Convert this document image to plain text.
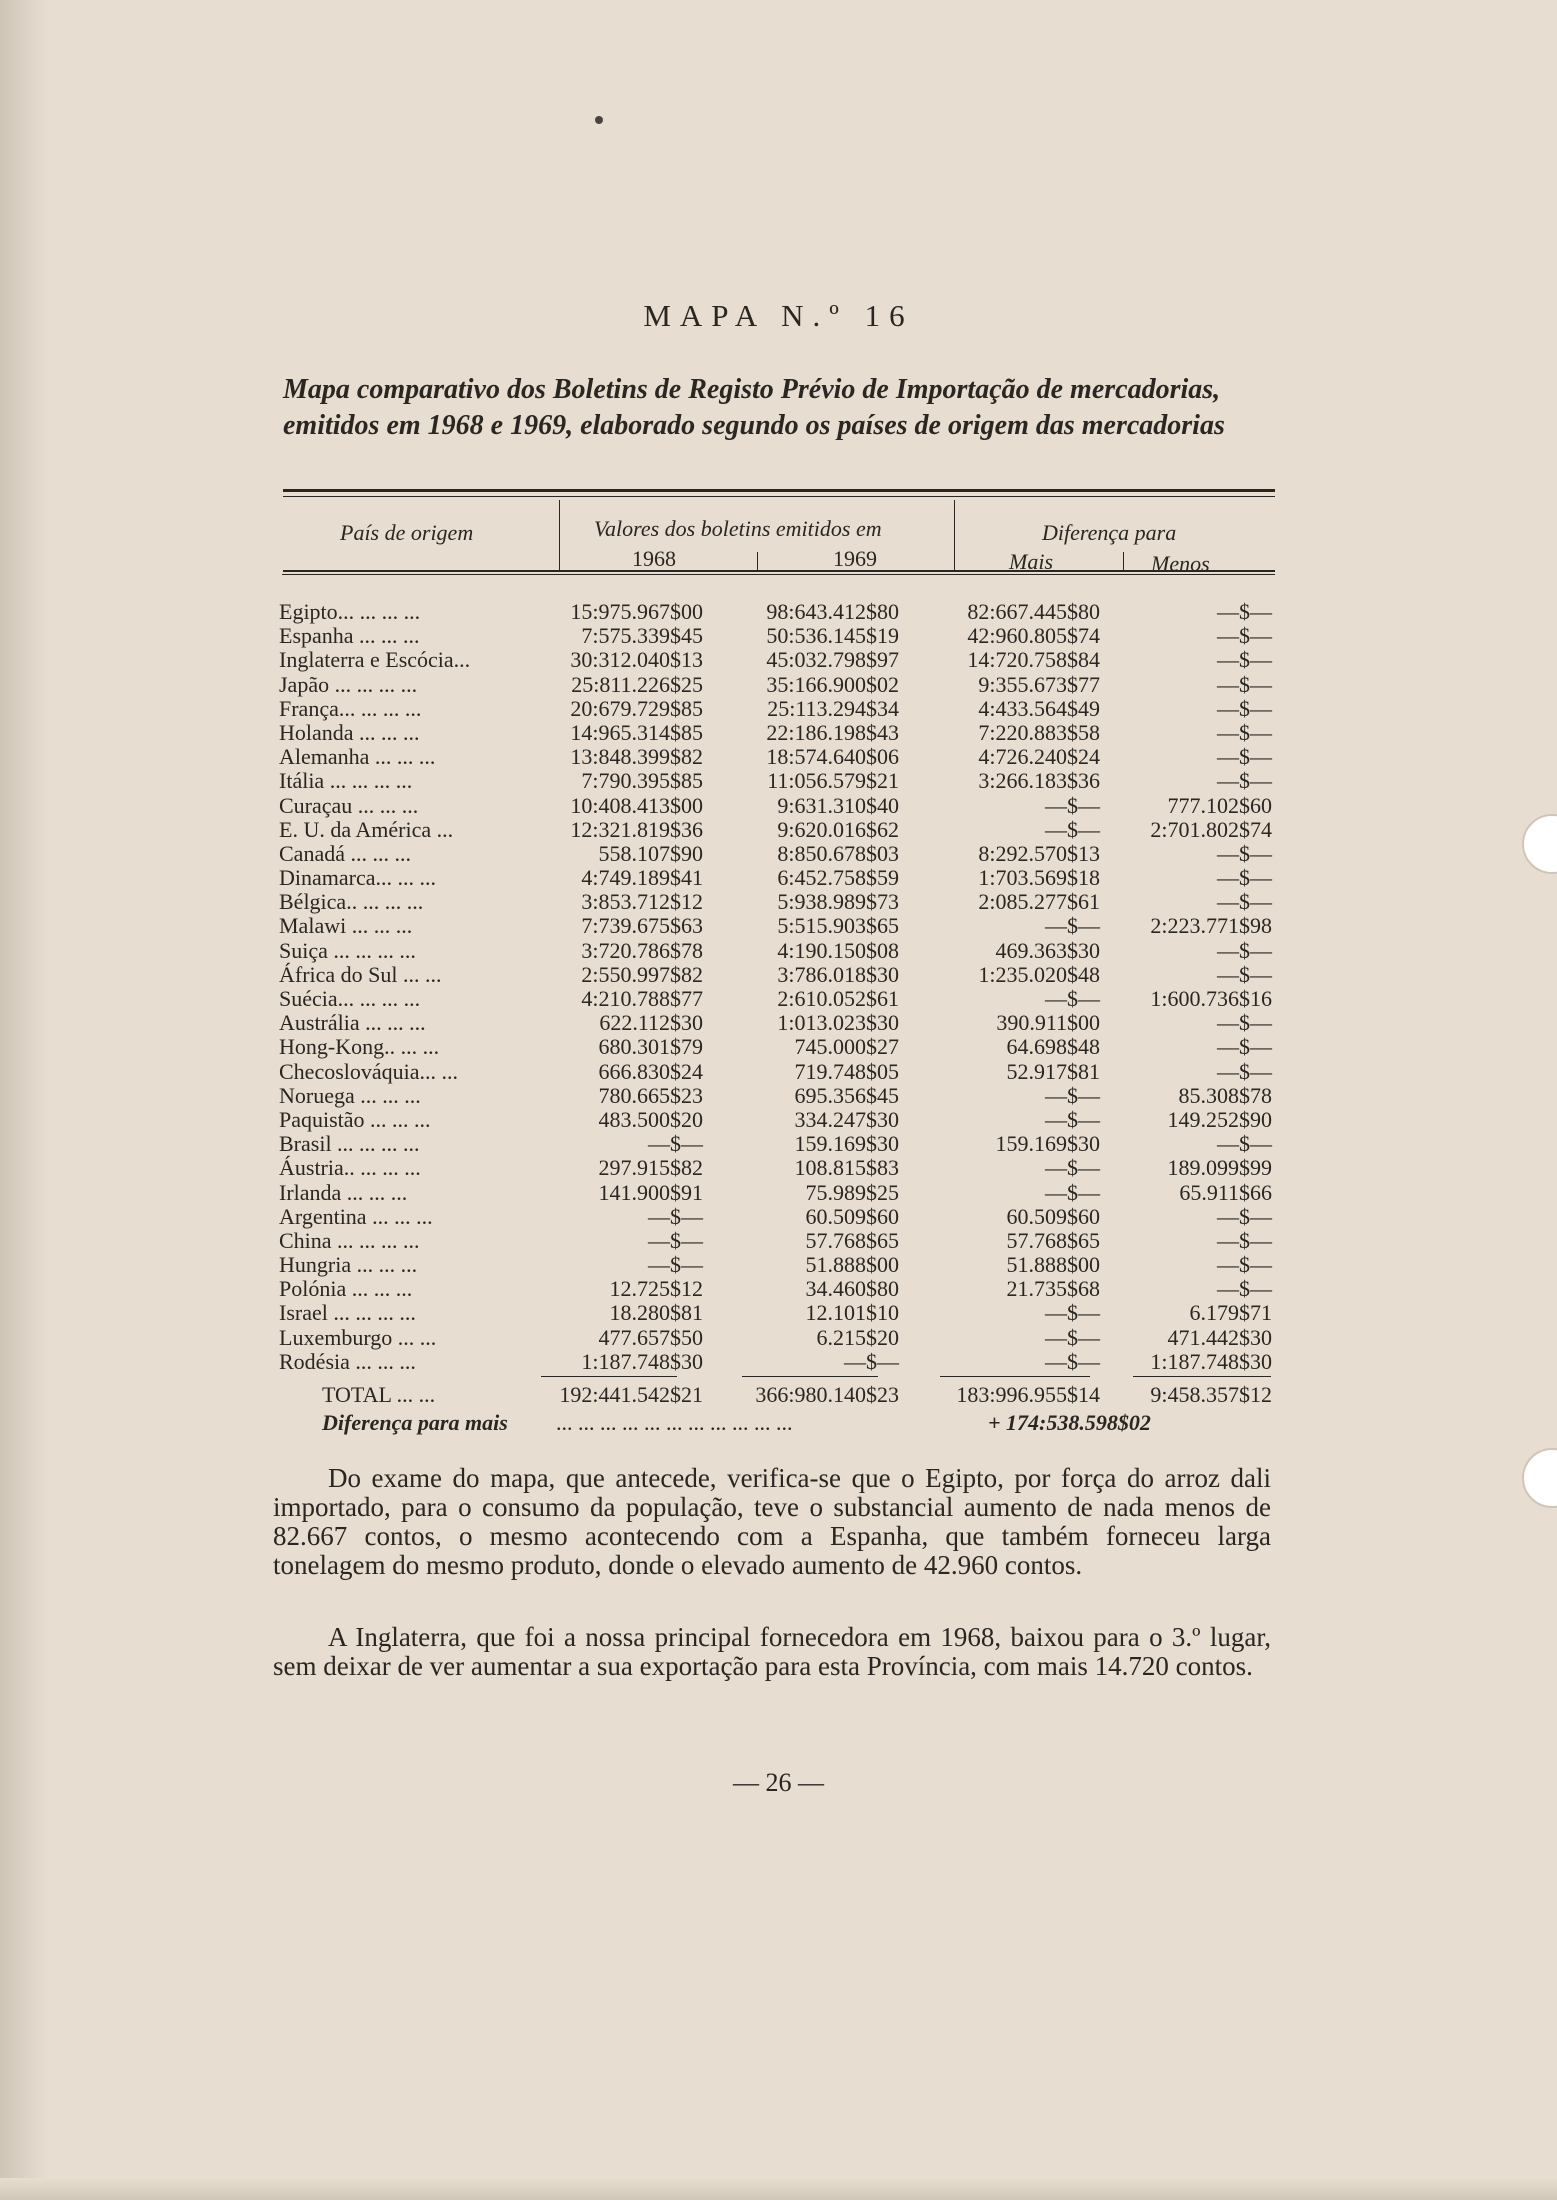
MAPA N.º 16
Mapa comparativo dos Boletins de Registo Prévio de Importação de mercadorias, emitidos em 1968 e 1969, elaborado segundo os países de origem das mercadorias
País de origem	Valores dos boletins emitidos em
1968	1969
Diferença para
Mais	Menos
Egipto... ... ... ...	15:975.967$00	98:643.412$80	82:667.445$80	—$—
Espanha ... ... ...	7:575.339$45	50:536.145$19	42:960.805$74	—$—
Inglaterra e Escócia...	30:312.040$13	45:032.798$97	14:720.758$84	—$—
Japão ... ... ... ...	25:811.226$25	35:166.900$02	9:355.673$77	—$—
França... ... ... ...	20:679.729$85	25:113.294$34	4:433.564$49	—$—
Holanda ... ... ...	14:965.314$85	22:186.198$43	7:220.883$58	—$—
Alemanha ... ... ...	13:848.399$82	18:574.640$06	4:726.240$24	—$—
Itália ... ... ... ...	7:790.395$85	11:056.579$21	3:266.183$36	—$—
Curaçau ... ... ...	10:408.413$00	9:631.310$40	—$—	777.102$60
E. U. da América ...	12:321.819$36	9:620.016$62	—$— 2:701.802$74
Canadá ... ... ...	558.107$90	8:850.678$03	8:292.570$13	—$—
Dinamarca... ... ...	4:749.189$41	6:452.758$59	1:703.569$18	—$—
Bélgica.. ... ... ...	3:853.712$12	5:938.989$73	2:085.277$61	—$—
Malawi ... ... ...	7:739.675$63	5:515.903$65	—$— 2:223.771$98
Suiça ... ... ... ...	3:720.786$78	4:190.150$08	469.363$30	—$—
África do Sul ... ...	2:550.997$82	3:786.018$30	1:235.020$48	—$—
Suécia... ... ... ...	4:210.788$77	2:610.052$61	—$— 1:600.736$16
Austrália ... ... ...	622.112$30	1:013.023$30	390.911$00	—$—
Hong-Kong.. ... ...	680.301$79	745.000$27	64.698$48	—$—
Checoslováquia... ...	666.830$24	719.748$05	52.917$81	—$—
Noruega ... ... ...	780.665$23	695.356$45	—$—	85.308$78
Paquistão ... ... ...	483.500$20	334.247$30	—$—	149.252$90
Brasil ... ... ... ...	—$—	159.169$30	159.169$30	—$—
Áustria.. ... ... ...	297.915$82	108.815$83	—$—	189.099$99
Irlanda ... ... ...	141.900$91	75.989$25	—$—	65.911$66
Argentina ... ... ...	—$—	60.509$60	60.509$60	—$—
China ... ... ... ...	—$—	57.768$65	57.768$65	—$—
Hungria ... ... ...	—$—	51.888$00	51.888$00	—$—
Polónia ... ... ...	12.725$12	34.460$80	21.735$68	—$—
Israel ... ... ... ...	18.280$81	12.101$10	—$—	6.179$71
Luxemburgo ... ...	477.657$50	6.215$20	—$—	471.442$30
Rodésia ... ... ...	1:187.748$30	—$—	—$— 1:187.748$30
TOTAL ... ...	192:441.542$21 366:980.140$23	183:996.955$14 9:458.357$12
Diferença para mais ... ... ... ... ... ... ... ... ... ... ...	+ 174:538.598$02

Do exame do mapa, que antecede, verifica-se que o Egipto, por força do arroz dali importado, para o consumo da população, teve o substancial aumento de nada menos de 82.667 contos, o mesmo acontecendo com a Espanha, que também forneceu larga tonelagem do mesmo produto, donde o elevado aumento de 42.960 contos.

A Inglaterra, que foi a nossa principal fornecedora em 1968, baixou para o 3.º lugar, sem deixar de ver aumentar a sua exportação para esta Província, com mais 14.720 contos.

— 26 —
